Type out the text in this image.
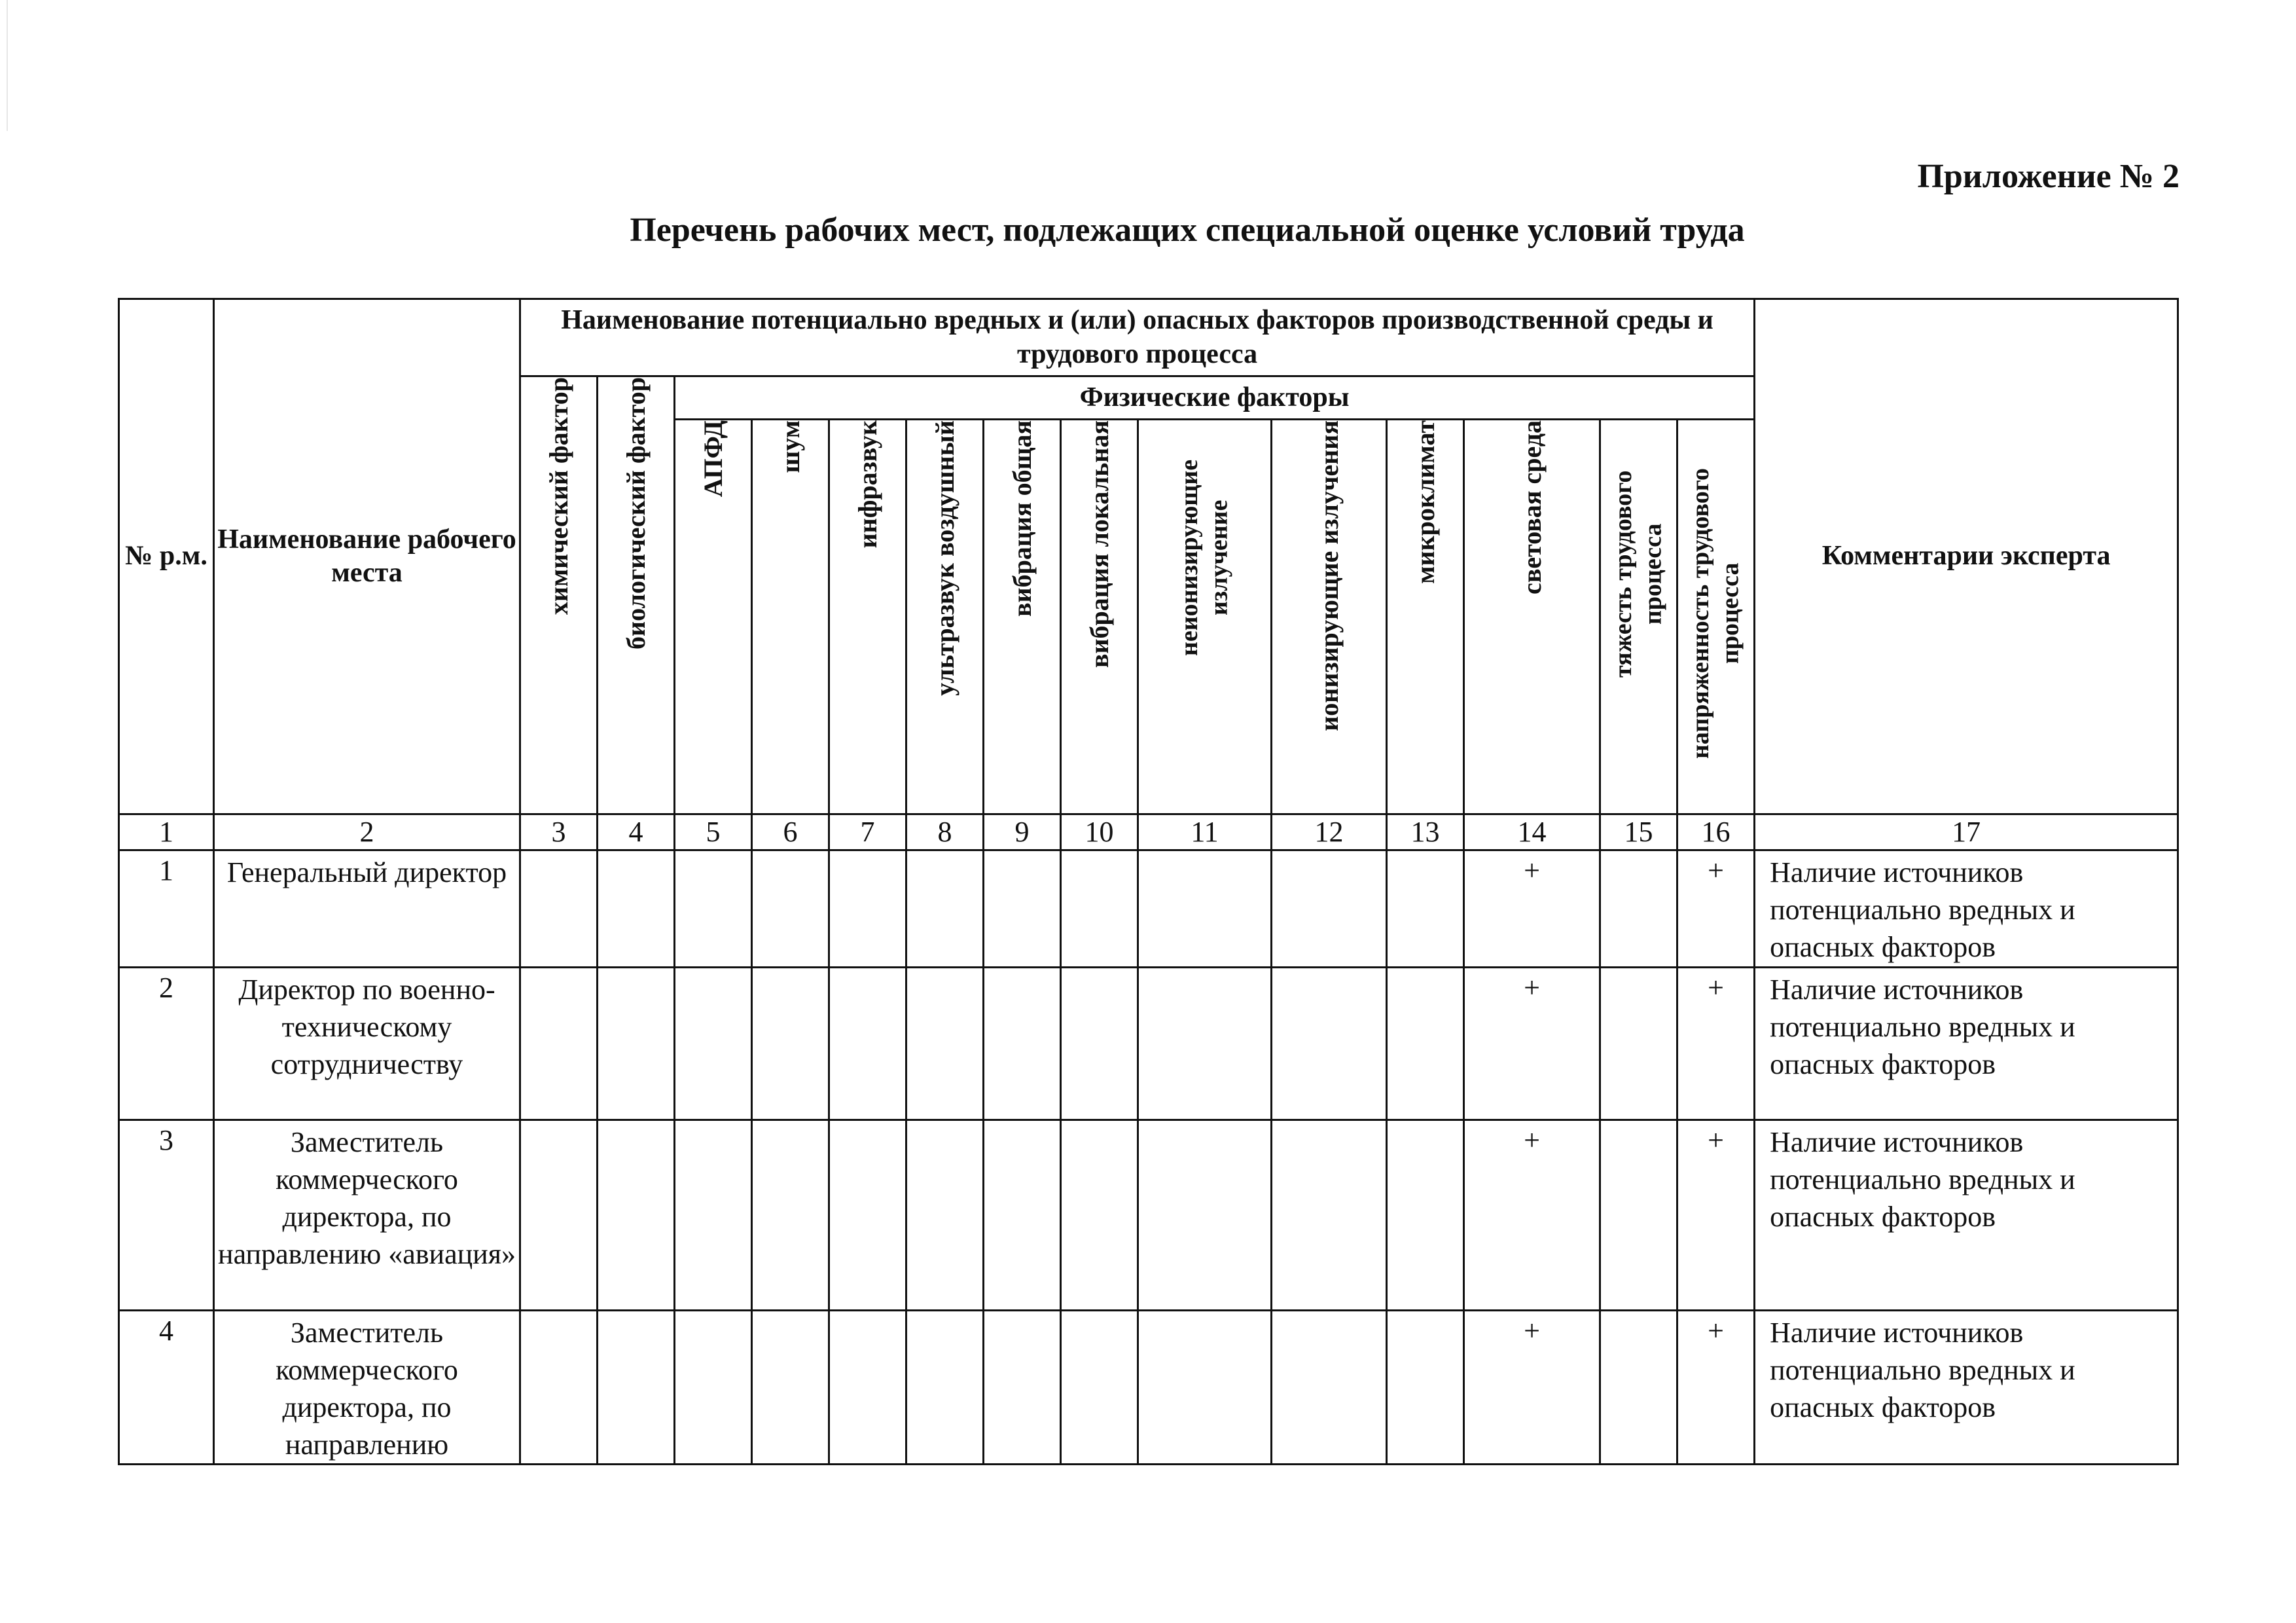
Приложение № 2
Перечень рабочих мест, подлежащих специальной оценке условий труда
№ р.м.	Наименование рабочего места	Наименование потенциально вредных и (или) опасных факторов производственной среды и трудового процесса														Комментарии эксперта

		химический фактор	биологический фактор	Физические факторы												

				АПФД	шум	инфразвук	ультразвук воздушный	вибрация общая	вибрация локальная	неионизирующие излучение	ионизирующие излучения	микроклимат	световая среда	тяжесть трудового процесса	напряженность трудового процесса	

1	2	3	4	5	6	7	8	9	10	11	12	13	14	15	16	17
1	Генеральный директор												+		+	Наличие источников потенциально вредных и опасных факторов
2	Директор по военно-техническому сотрудничеству												+		+	Наличие источников потенциально вредных и опасных факторов
3	Заместитель коммерческого директора, по направлению «авиация»												+		+	Наличие источников потенциально вредных и опасных факторов
4	Заместитель коммерческого директора, по направлению												+		+	Наличие источников потенциально вредных и опасных факторов
